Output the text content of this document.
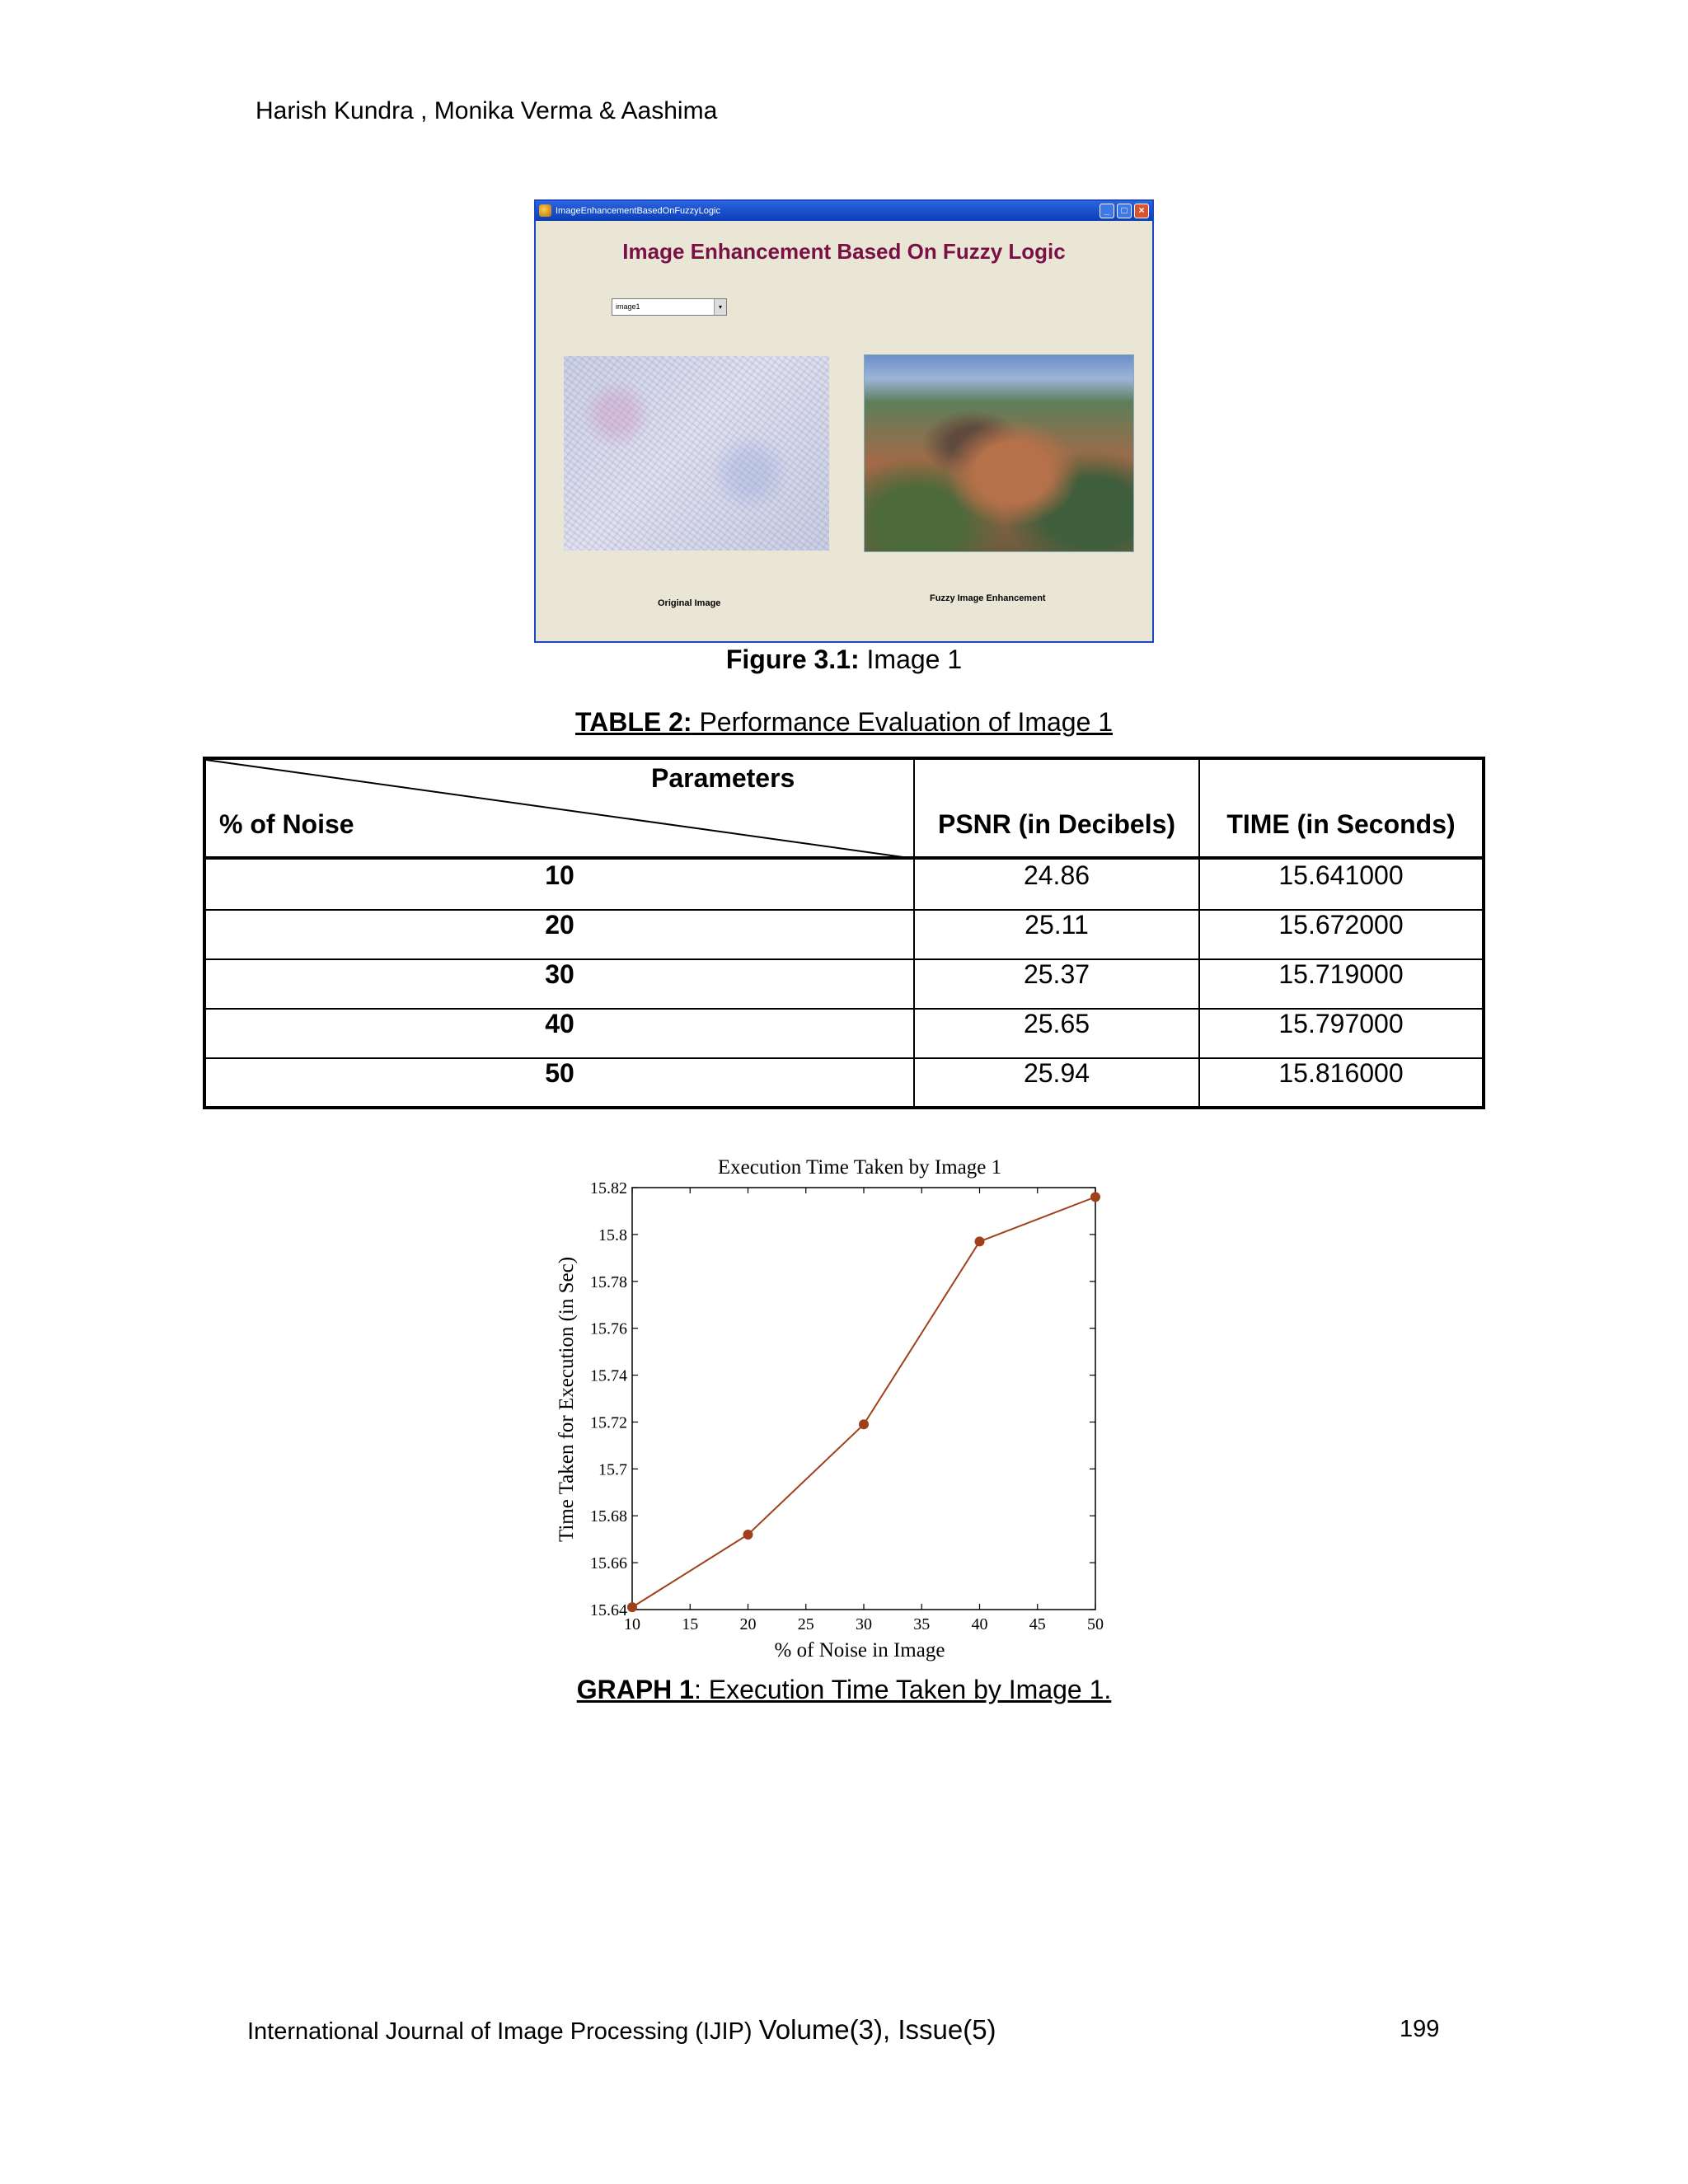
Harish Kundra , Monika Verma & Aashima
ImageEnhancementBasedOnFuzzyLogic	_	□	×
Image Enhancement Based On Fuzzy Logic
image1	▾
Original Image	Fuzzy Image Enhancement
Figure 3.1: Image 1
TABLE 2: Performance Evaluation of Image 1
Parameters
% of Noise	PSNR (in Decibels)	TIME (in Seconds)
10	24.86	15.641000
20	25.11	15.672000
30	25.37	15.719000
40	25.65	15.797000
50	25.94	15.816000
Execution Time Taken by Image 1
% of Noise in Image
Time Taken for Execution (in Sec)
10	15	20	25	30	35	40	45	50
15.64
15.66
15.68
15.7
15.72
15.74
15.76
15.78
15.8
15.82
GRAPH 1: Execution Time Taken by Image 1.
International Journal of Image Processing (IJIP) Volume(3), Issue(5)	199
